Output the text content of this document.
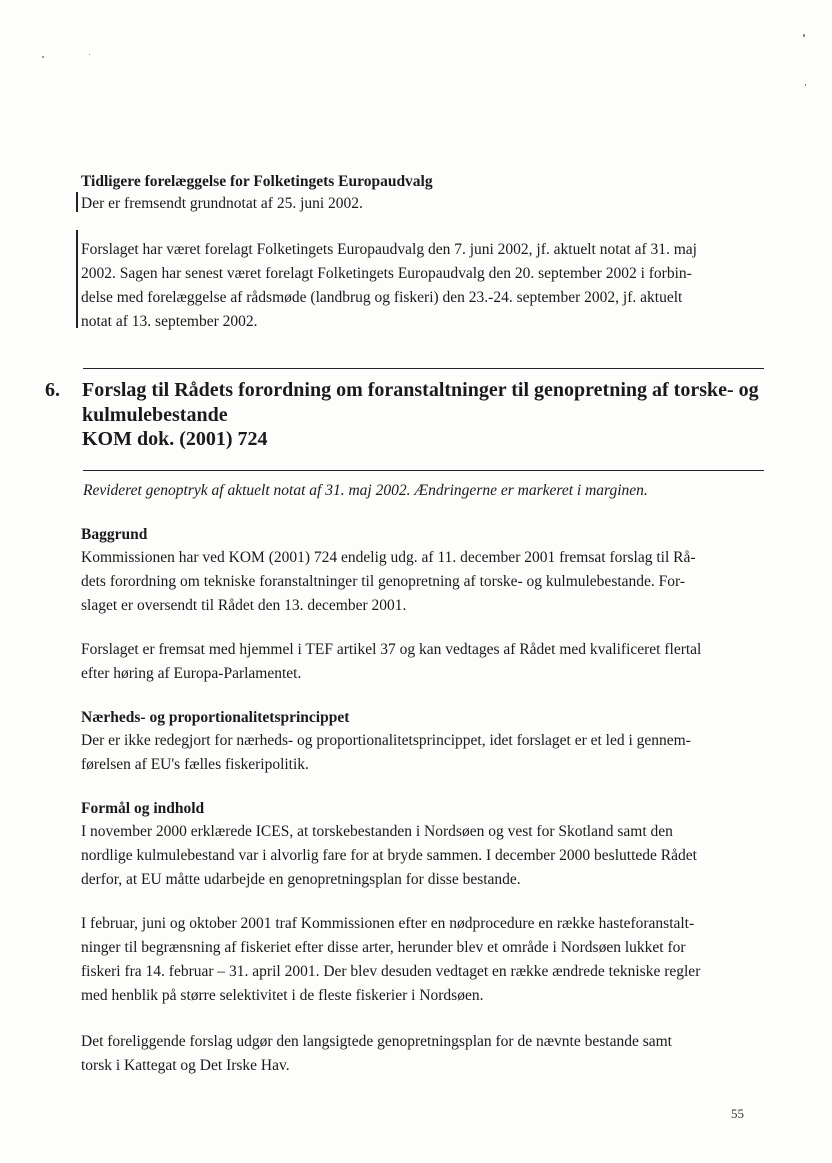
Tidligere forelæggelse for Folketingets Europaudvalg

Der er fremsendt grundnotat af 25. juni 2002.

Forslaget har været forelagt Folketingets Europaudvalg den 7. juni 2002, jf. aktuelt notat af 31. maj
2002. Sagen har senest været forelagt Folketingets Europaudvalg den 20. september 2002 i forbin-
delse med forelæggelse af rådsmøde (landbrug og fiskeri) den 23.-24. september 2002, jf. aktuelt
notat af 13. september 2002.
6. Forslag til Rådets forordning om foranstaltninger til genopretning af torske- og
kulmulebestande
KOM dok. (2001) 724

Revideret genoptryk af aktuelt notat af 31. maj 2002. Ændringerne er markeret i marginen.

Baggrund
Kommissionen har ved KOM (2001) 724 endelig udg. af 11. december 2001 fremsat forslag til Rå-
dets forordning om tekniske foranstaltninger til genopretning af torske- og kulmulebestande. For-
slaget er oversendt til Rådet den 13. december 2001.
Forslaget er fremsat med hjemmel i TEF artikel 37 og kan vedtages af Rådet med kvalificeret flertal
efter høring af Europa-Parlamentet.
Nærheds- og proportionalitetsprincippet
Der er ikke redegjort for nærheds- og proportionalitetsprincippet, idet forslaget er et led i gennem-
førelsen af EU's fælles fiskeripolitik.
Formål og indhold
I november 2000 erklærede ICES, at torskebestanden i Nordsøen og vest for Skotland samt den
nordlige kulmulebestand var i alvorlig fare for at bryde sammen. I december 2000 besluttede Rådet
derfor, at EU måtte udarbejde en genopretningsplan for disse bestande.
I februar, juni og oktober 2001 traf Kommissionen efter en nødprocedure en række hasteforanstalt-
ninger til begrænsning af fiskeriet efter disse arter, herunder blev et område i Nordsøen lukket for
fiskeri fra 14. februar – 31. april 2001. Der blev desuden vedtaget en række ændrede tekniske regler
med henblik på større selektivitet i de fleste fiskerier i Nordsøen.
Det foreliggende forslag udgør den langsigtede genopretningsplan for de nævnte bestande samt
torsk i Kattegat og Det Irske Hav.
55
